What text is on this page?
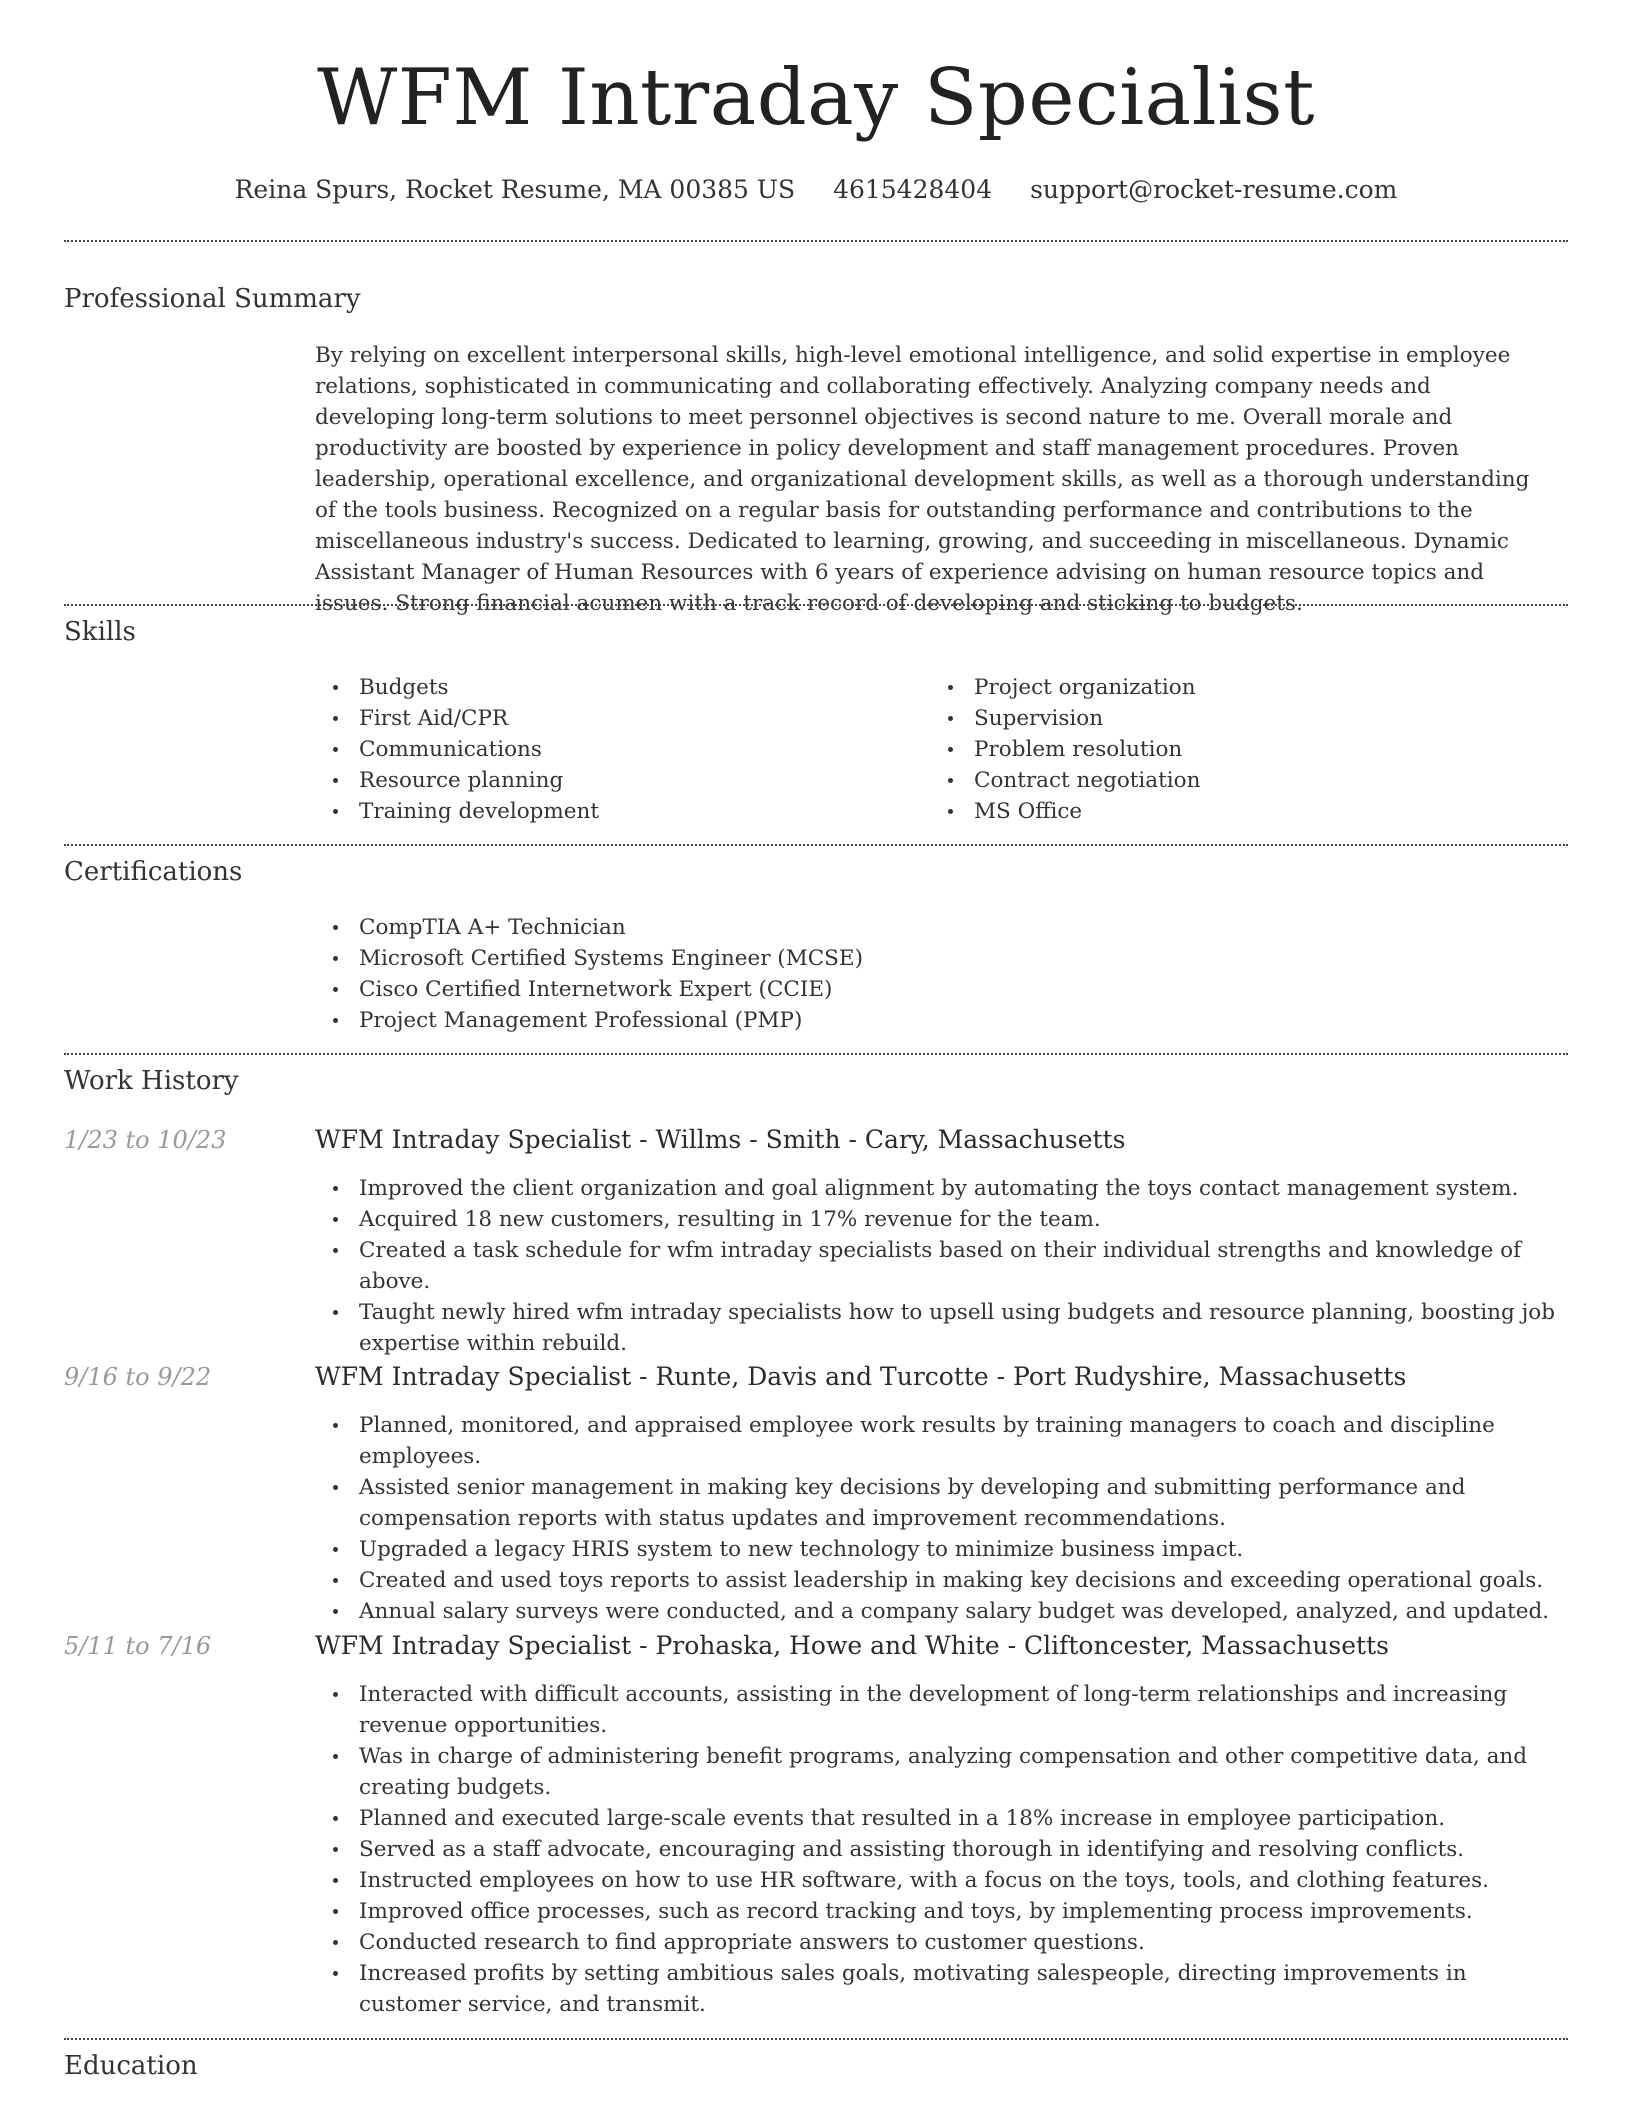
WFM Intraday Specialist
Reina Spurs, Rocket Resume, MA 00385 US 4615428404 support@rocket-resume.com
Professional Summary

By relying on excellent interpersonal skills, high-level emotional intelligence, and solid expertise in employee relations, sophisticated in communicating and collaborating effectively. Analyzing company needs and developing long-term solutions to meet personnel objectives is second nature to me. Overall morale and productivity are boosted by experience in policy development and staff management procedures. Proven leadership, operational excellence, and organizational development skills, as well as a thorough understanding of the tools business. Recognized on a regular basis for outstanding performance and contributions to the miscellaneous industry's success. Dedicated to learning, growing, and succeeding in miscellaneous. Dynamic Assistant Manager of Human Resources with 6 years of experience advising on human resource topics and issues. Strong financial acumen with a track record of developing and sticking to budgets.

Skills
Budgets
First Aid/CPR
Communications
Resource planning
Training development
Project organization
Supervision
Problem resolution
Contract negotiation
MS Office
Certifications
CompTIA A+ Technician
Microsoft Certified Systems Engineer (MCSE)
Cisco Certified Internetwork Expert (CCIE)
Project Management Professional (PMP)
Work History
1/23 to 10/23	WFM Intraday Specialist - Willms - Smith - Cary, Massachusetts
Improved the client organization and goal alignment by automating the toys contact management system.
Acquired 18 new customers, resulting in 17% revenue for the team.
Created a task schedule for wfm intraday specialists based on their individual strengths and knowledge of above.
Taught newly hired wfm intraday specialists how to upsell using budgets and resource planning, boosting job expertise within rebuild.
9/16 to 9/22	WFM Intraday Specialist - Runte, Davis and Turcotte - Port Rudyshire, Massachusetts
Planned, monitored, and appraised employee work results by training managers to coach and discipline employees.
Assisted senior management in making key decisions by developing and submitting performance and compensation reports with status updates and improvement recommendations.
Upgraded a legacy HRIS system to new technology to minimize business impact.
Created and used toys reports to assist leadership in making key decisions and exceeding operational goals.
Annual salary surveys were conducted, and a company salary budget was developed, analyzed, and updated.
5/11 to 7/16	WFM Intraday Specialist - Prohaska, Howe and White - Cliftoncester, Massachusetts
Interacted with difficult accounts, assisting in the development of long-term relationships and increasing revenue opportunities.
Was in charge of administering benefit programs, analyzing compensation and other competitive data, and creating budgets.
Planned and executed large-scale events that resulted in a 18% increase in employee participation.
Served as a staff advocate, encouraging and assisting thorough in identifying and resolving conflicts.
Instructed employees on how to use HR software, with a focus on the toys, tools, and clothing features.
Improved office processes, such as record tracking and toys, by implementing process improvements.
Conducted research to find appropriate answers to customer questions.
Increased profits by setting ambitious sales goals, motivating salespeople, directing improvements in customer service, and transmit.
Education
